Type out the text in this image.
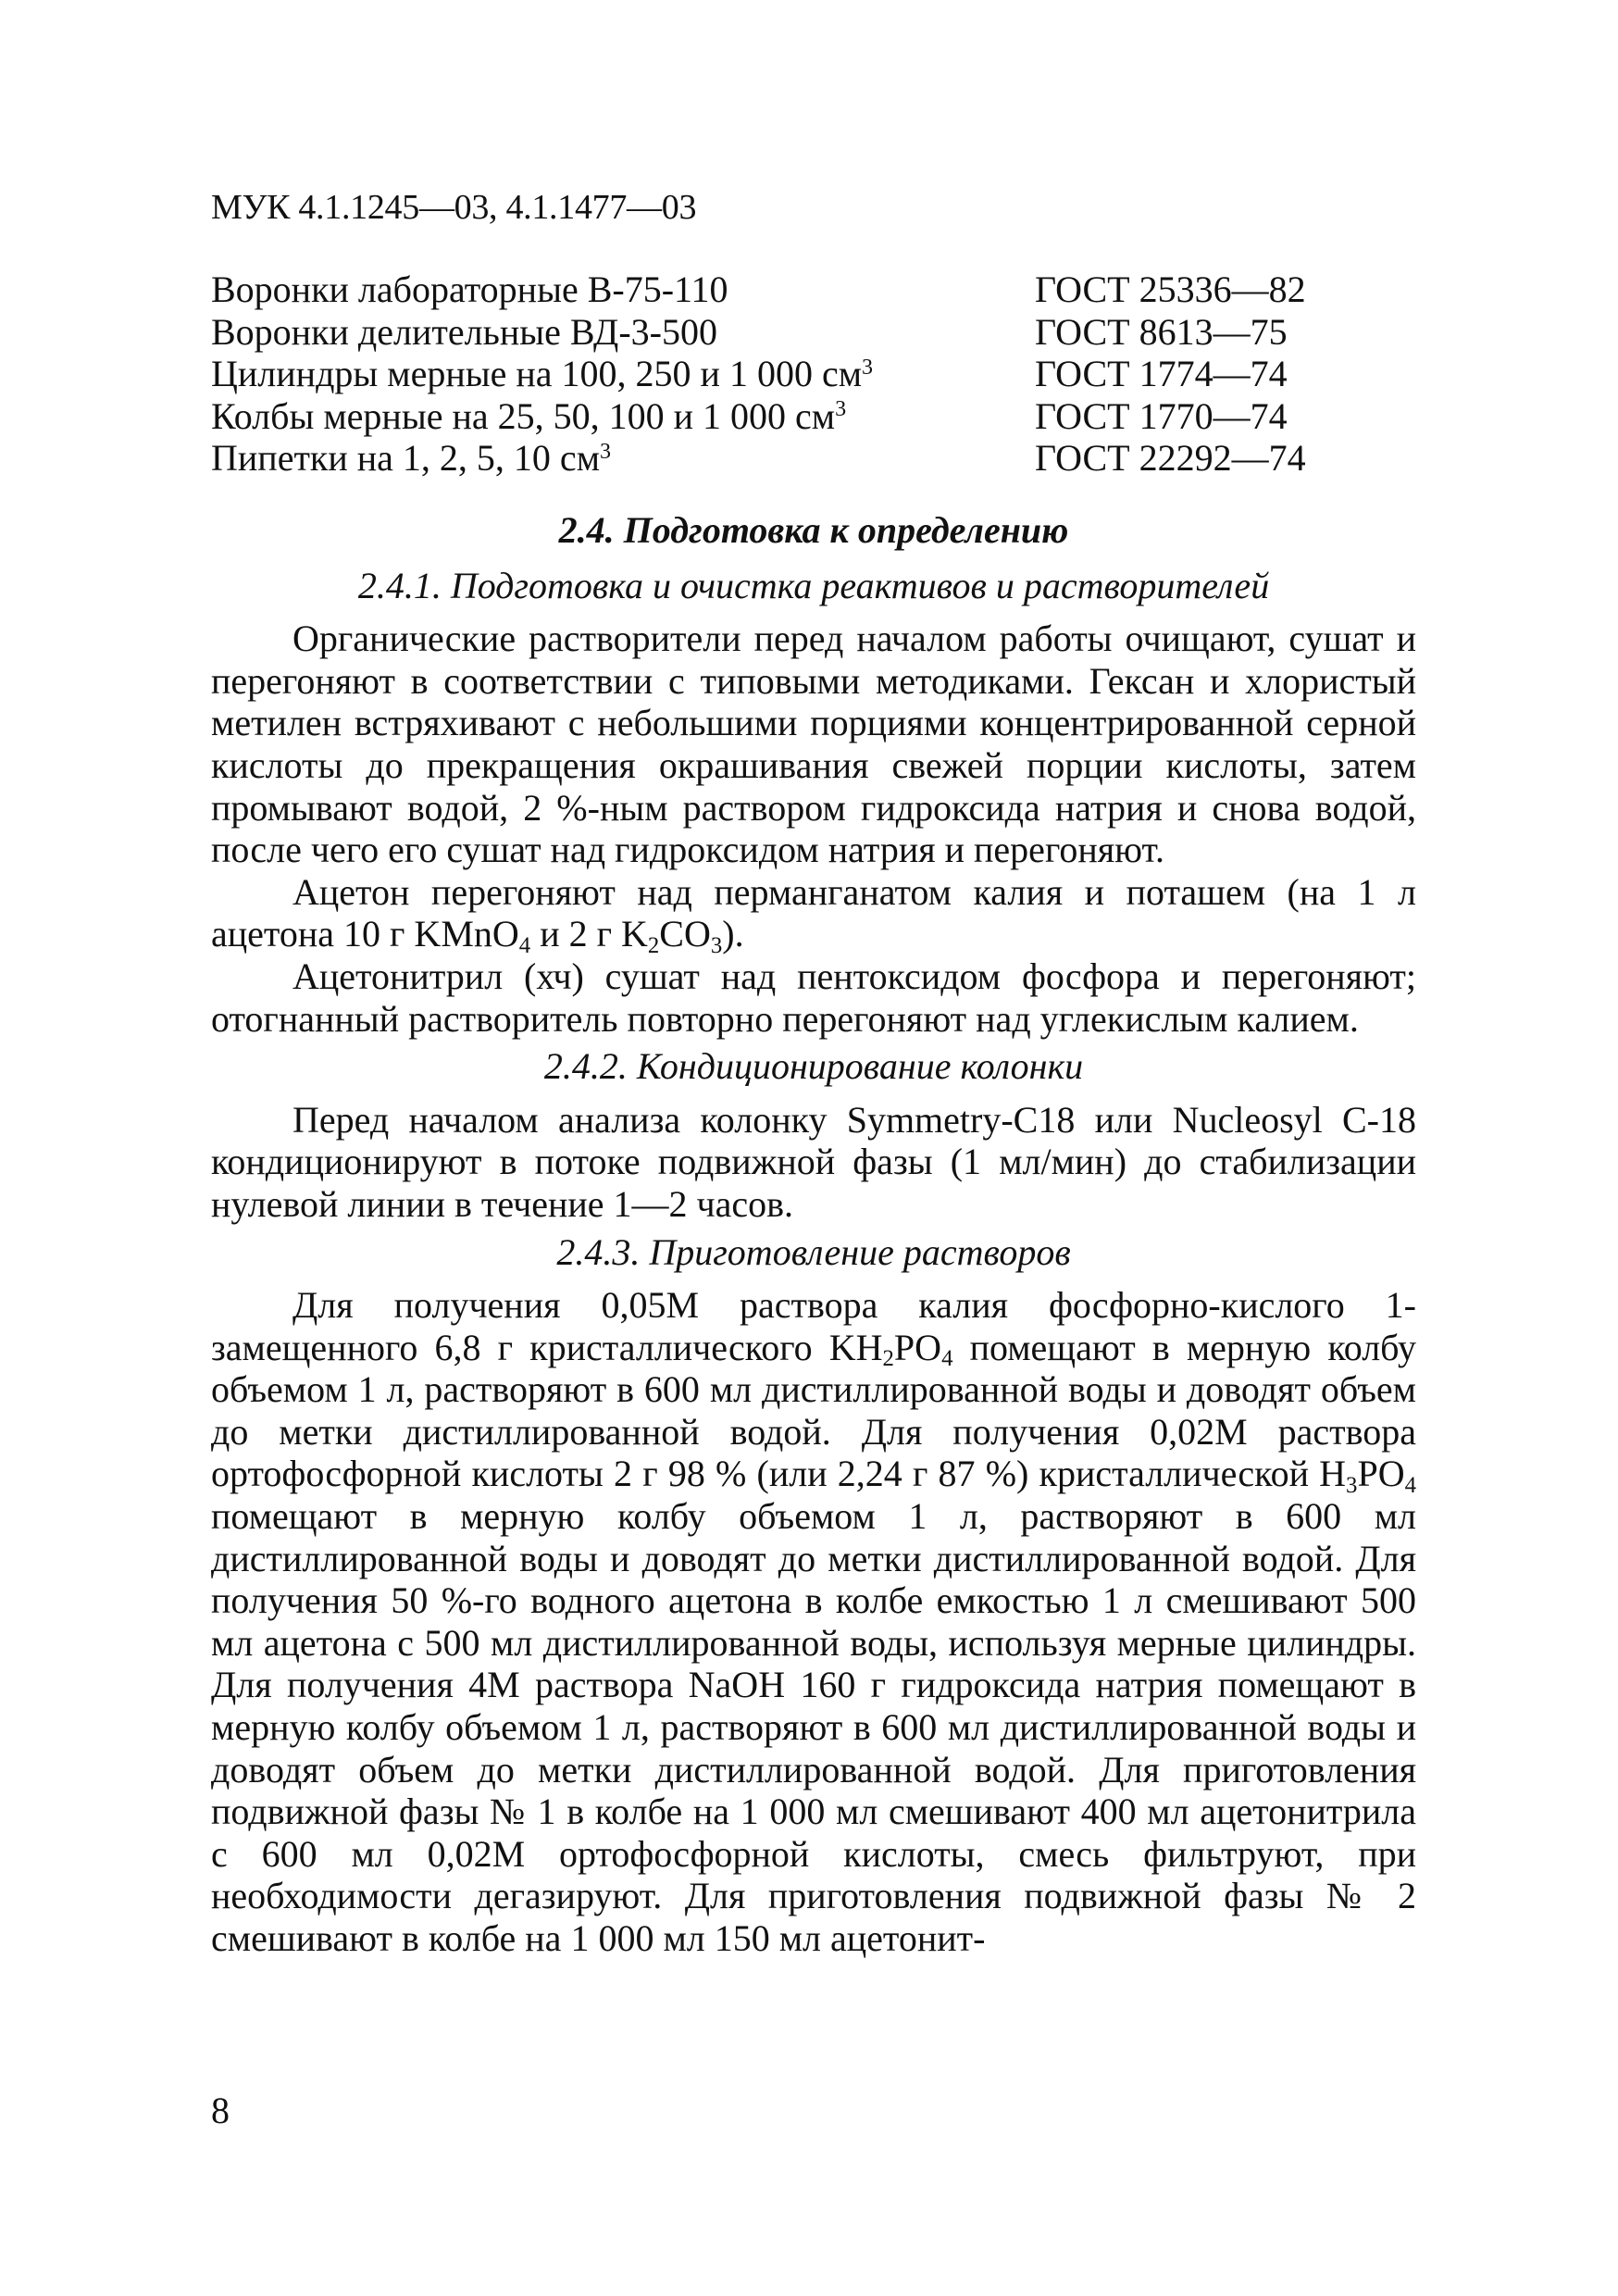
МУК 4.1.1245—03, 4.1.1477—03
Воронки лабораторные В-75-110	ГОСТ 25336—82
Воронки делительные ВД-3-500	ГОСТ 8613—75
Цилиндры мерные на 100, 250 и 1 000 $см^3$	ГОСТ 1774—74
Колбы мерные на 25, 50, 100 и 1 000 $см^3$	ГОСТ 1770—74
Пипетки на 1, 2, 5, 10 $см^3$	ГОСТ 22292—74
2.4. Подготовка к определению
2.4.1. Подготовка и очистка реактивов и растворителей

Органические растворители перед началом работы очищают, сушат и перегоняют в соответствии с типовыми методиками. Гексан и хлористый метилен встряхивают с небольшими порциями концентрированной серной кислоты до прекращения окрашивания свежей порции кислоты, затем промывают водой, 2 %-ным раствором гидроксида натрия и снова водой, после чего его сушат над гидроксидом натрия и перегоняют.

Ацетон перегоняют над перманганатом калия и поташем (на 1 л ацетона 10 г KMnO$_4$ и 2 г $K_2CO_3$).

Ацетонитрил (хч) сушат над пентоксидом фосфора и перегоняют; отогнанный растворитель повторно перегоняют над углекислым калием.

2.4.2. Кондиционирование колонки

Перед началом анализа колонку Symmetry-C18 или Nucleosyl C-18 кондиционируют в потоке подвижной фазы (1 мл/мин) до стабилизации нулевой линии в течение 1—2 часов.

2.4.3. Приготовление растворов

Для получения 0,05М раствора калия фосфорно-кислого 1-замещенного 6,8 г кристаллического $KH_2PO_4$ помещают в мерную колбу объемом 1 л, растворяют в 600 мл дистиллированной воды и доводят объем до метки дистиллированной водой. Для получения 0,02М раствора ортофосфорной кислоты 2 г 98 % (или 2,24 г 87 %) кристаллической $H_3PO_4$ помещают в мерную колбу объемом 1 л, растворяют в 600 мл дистиллированной воды и доводят до метки дистиллированной водой. Для получения 50 %-го водного ацетона в колбе емкостью 1 л смешивают 500 мл ацетона с 500 мл дистиллированной воды, используя мерные цилиндры. Для получения 4М раствора NaOH 160 г гидроксида натрия помещают в мерную колбу объемом 1 л, растворяют в 600 мл дистиллированной воды и доводят объем до метки дистиллированной водой. Для приготовления подвижной фазы № 1 в колбе на 1 000 мл смешивают 400 мл ацетонитрила с 600 мл 0,02М ортофосфорной кислоты, смесь фильтруют, при необходимости дегазируют. Для приготовления подвижной фазы № 2 смешивают в колбе на 1 000 мл 150 мл ацетонит-

8
